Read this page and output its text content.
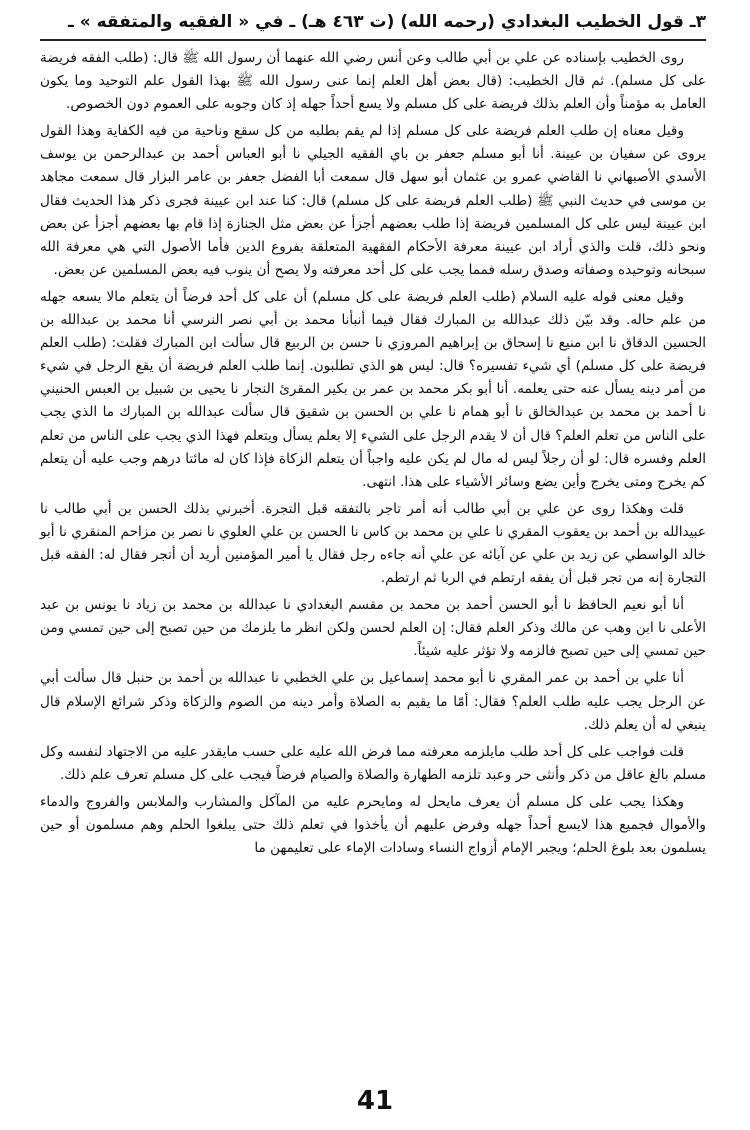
٣ـ قول الخطيب البغدادي (رحمه الله) (ت ٤٦٣ هـ) ـ في « الفقيه والمتفقه » ـ

روى الخطيب بإسناده عن علي بن أبي طالب وعن أنس رضي الله عنهما أن رسول الله ﷺ قال: (طلب الفقه فريضة على كل مسلم). ثم قال الخطيب: (قال بعض أهل العلم إنما عنى رسول الله ﷺ بهذا القول علم التوحيد وما يكون العامل به مؤمناً وأن العلم بذلك فريضة على كل مسلم ولا يسع أحداً جهله إذ كان وجوبه على العموم دون الخصوص.

وقيل معناه إن طلب العلم فريضة على كل مسلم إذا لم يقم بطلبه من كل سقع وناحية من فيه الكفاية وهذا القول يروى عن سفيان بن عيينة. أنا أبو مسلم جعفر بن باي الفقيه الجيلي نا أبو العباس أحمد بن عبدالرحمن بن يوسف الأسدي الأصبهاني نا القاضي عمرو بن عثمان أبو سهل قال سمعت أبا الفضل جعفر بن عامر البزار قال سمعت مجاهد بن موسى في حديث النبي ﷺ (طلب العلم فريضة على كل مسلم) قال: كنا عند ابن عيينة فجرى ذكر هذا الحديث فقال ابن عيينة ليس على كل المسلمين فريضة إذا طلب بعضهم أجزأ عن بعض مثل الجنازة إذا قام بها بعضهم أجزأ عن بعض ونحو ذلك، قلت والذي أراد ابن عيينة معرفة الأحكام الفقهية المتعلقة بفروع الدين فأما الأصول التي هي معرفة الله سبحانه وتوحيده وصفاته وصدق رسله فمما يجب على كل أحد معرفته ولا يصح أن ينوب فيه بعض المسلمين عن بعض.

وقيل معنى قوله عليه السلام (طلب العلم فريضة على كل مسلم) أن على كل أحد فرضاً أن يتعلم مالا يسعه جهله من علم حاله. وقد بيّن ذلك عبدالله بن المبارك فقال فيما أنبأنا محمد بن أبي نصر النرسي أنا محمد بن عبدالله بن الحسين الدقاق نا ابن منيع نا إسحاق بن إبراهيم المروزي نا حسن بن الربيع قال سألت ابن المبارك فقلت: (طلب العلم فريضة على كل مسلم) أي شيء تفسيره؟ قال: ليس هو الذي تطلبون. إنما طلب العلم فريضة أن يقع الرجل في شيء من أمر دينه يسأل عنه حتى يعلمه. أنا أبو بكر محمد بن عمر بن بكير المقرئ النجار نا يحيى بن شبيل بن العبس الحنيني نا أحمد بن محمد بن عبدالخالق نا أبو همام نا علي بن الحسن بن شقيق قال سألت عبدالله بن المبارك ما الذي يجب على الناس من تعلم العلم؟ قال أن لا يقدم الرجل على الشيء إلا بعلم يسأل ويتعلم فهذا الذي يجب على الناس من تعلم العلم وفسره قال: لو أن رجلاً ليس له مال لم يكن عليه واجباً أن يتعلم الزكاة فإذا كان له مائتا درهم وجب عليه أن يتعلم كم يخرج ومتى يخرج وأين يضع وسائر الأشياء على هذا. انتهى.

قلت وهكذا روى عن علي بن أبي طالب أنه أمر تاجر بالتفقه قبل التجرة. أخبرني بذلك الحسن بن أبي طالب نا عبيدالله بن أحمد بن يعقوب المقري نا علي بن محمد بن كاس نا الحسن بن علي العلوي نا نصر بن مزاحم المنقري نا أبو خالد الواسطي عن زيد بن علي عن آبائه عن علي أنه جاءه رجل فقال يا أمير المؤمنين أريد أن أتجر فقال له: الفقه قبل التجارة إنه من تجر قبل أن يفقه ارتطم في الربا ثم ارتطم.

أنا أبو نعيم الحافظ نا أبو الحسن أحمد بن محمد بن مقسم البغدادي نا عبدالله بن محمد بن زياد نا يونس بن عبد الأعلى نا ابن وهب عن مالك وذكر العلم فقال: إن العلم لحسن ولكن انظر ما يلزمك من حين تصبح إلى حين تمسي ومن حين تمسي إلى حين تصبح فالزمه ولا تؤثر عليه شيئاً.

أنا علي بن أحمد بن عمر المقري نا أبو محمد إسماعيل بن علي الخطبي نا عبدالله بن أحمد بن حنبل قال سألت أبي عن الرجل يجب عليه طلب العلم؟ فقال: أمّا ما يقيم به الصلاة وأمر دينه من الصوم والزكاة وذكر شرائع الإسلام قال ينبغي له أن يعلم ذلك.

قلت فواجب على كل أحد طلب مايلزمه معرفته مما فرض الله عليه على حسب مايقدر عليه من الاجتهاد لنفسه وكل مسلم بالغ عاقل من ذكر وأنثى حر وعبد تلزمه الطهارة والصلاة والصيام فرضاً فيجب على كل مسلم تعرف علم ذلك.

وهكذا يجب على كل مسلم أن يعرف مايحل له ومايحرم عليه من المآكل والمشارب والملابس والفروج والدماء والأموال فجميع هذا لايسع أحداً جهله وفرض عليهم أن يأخذوا في تعلم ذلك حتى يبلغوا الحلم وهم مسلمون أو حين يسلمون بعد بلوغ الحلم؛ ويجبر الإمام أزواج النساء وسادات الإماء على تعليمهن ما

41
